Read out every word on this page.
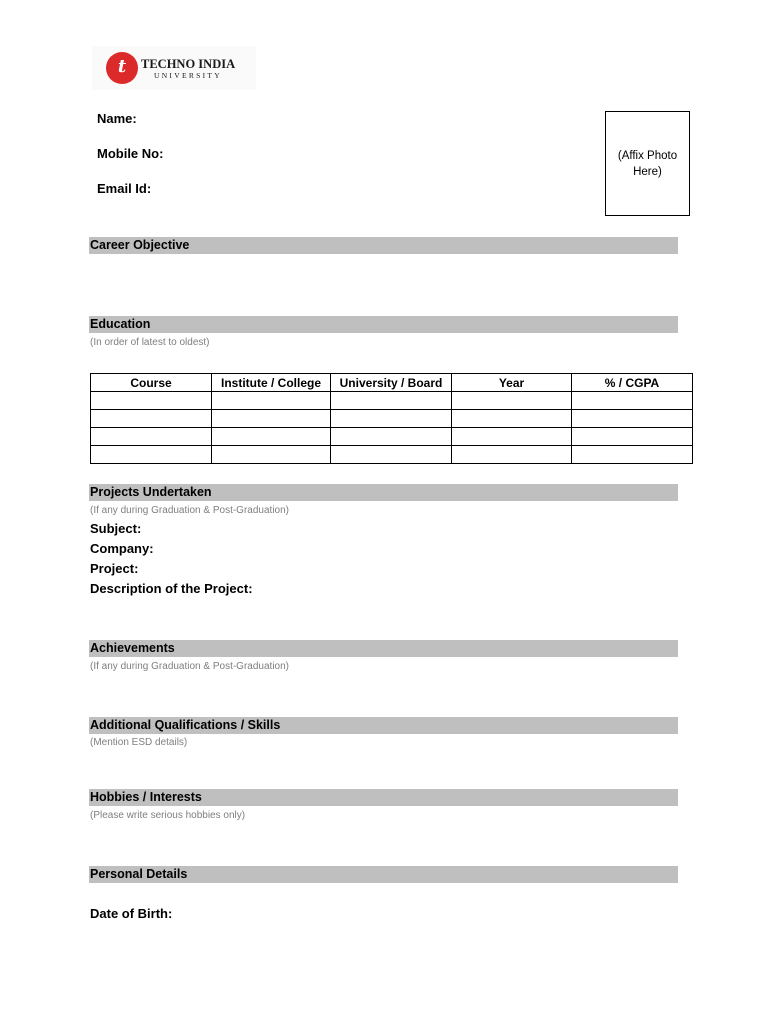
t	TECHNO INDIA
UNIVERSITY
Name:
Mobile No:
Email Id:
(Affix Photo Here)
Career Objective
Education
(In order of latest to oldest)
Course	Institute / College	University / Board	Year	% / CGPA

Projects Undertaken
(If any during Graduation & Post-Graduation)
Subject:
Company:
Project:
Description of the Project:
Achievements
(If any during Graduation & Post-Graduation)
Additional Qualifications / Skills
(Mention ESD details)
Hobbies / Interests
(Please write serious hobbies only)
Personal Details
Date of Birth:
